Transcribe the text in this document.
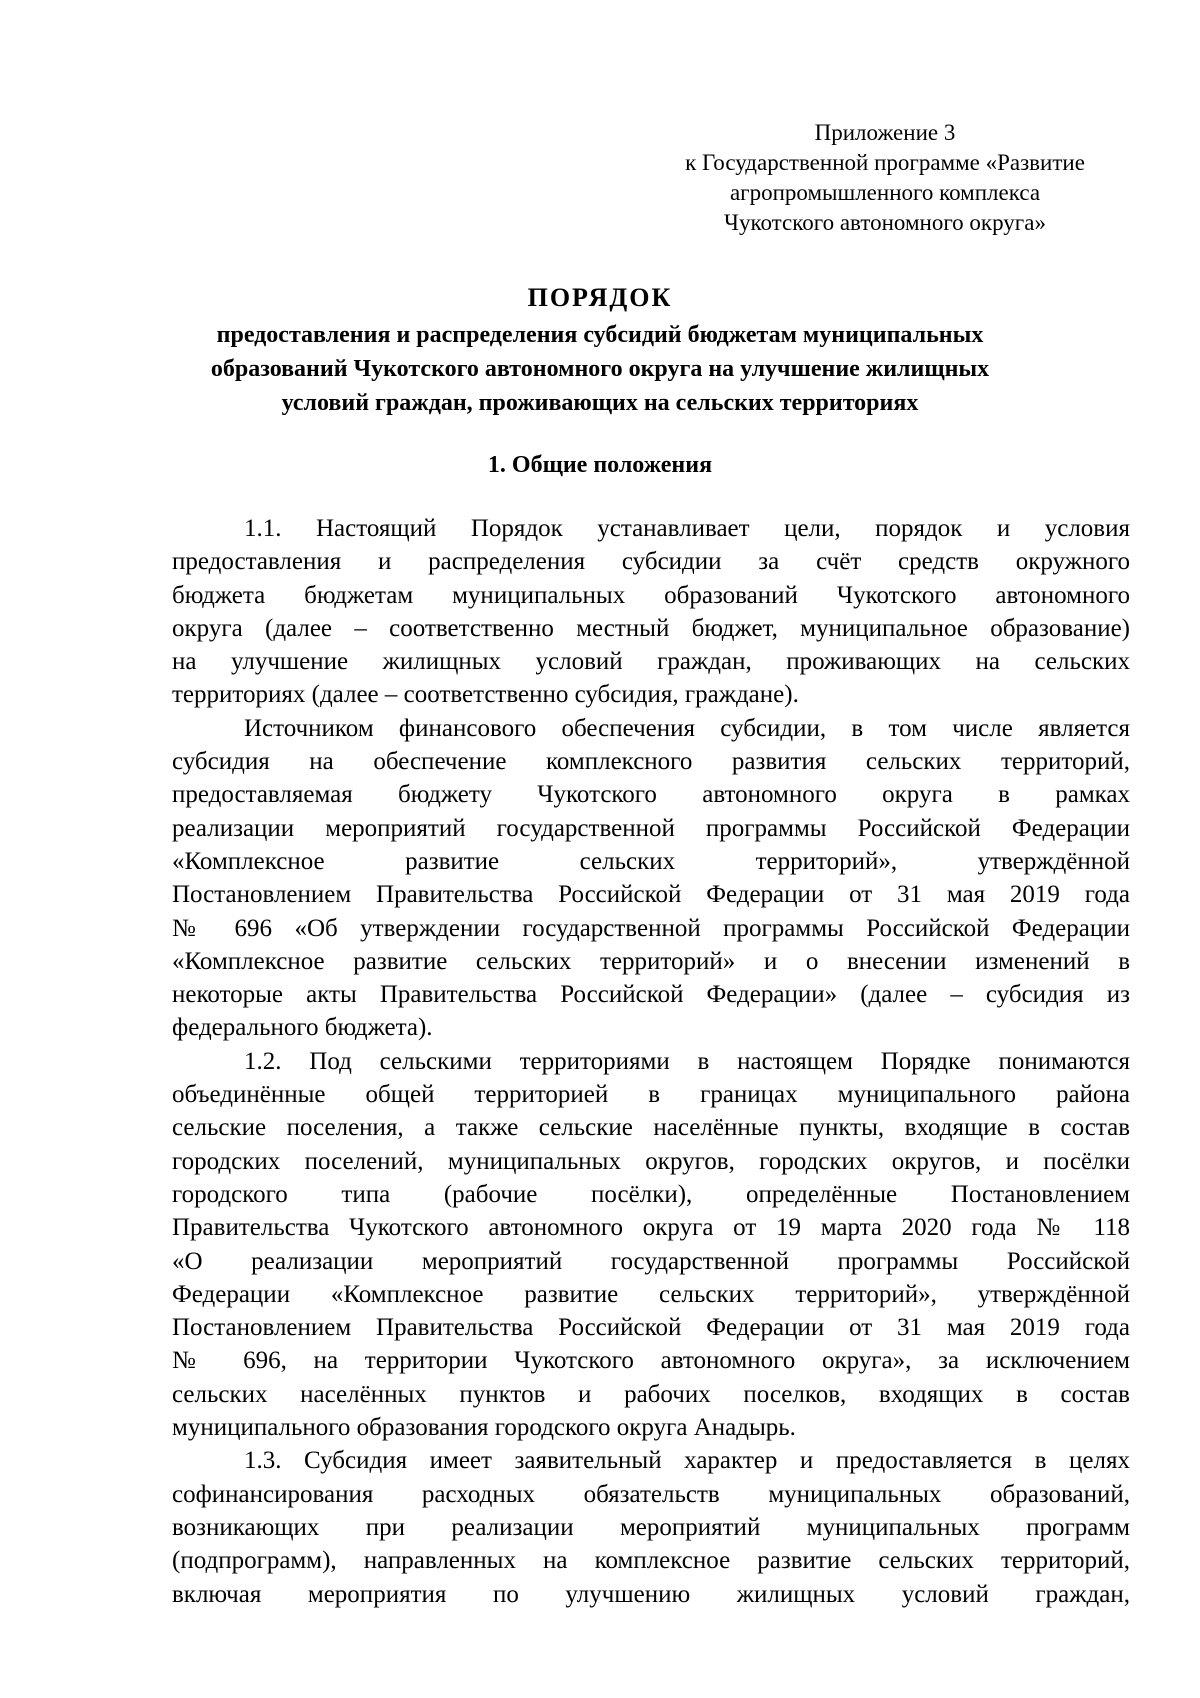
Приложение 3
к Государственной программе «Развитие
агропромышленного комплекса
Чукотского автономного округа»
ПОРЯДОК
предоставления и распределения субсидий бюджетам муниципальных
образований Чукотского автономного округа на улучшение жилищных
условий граждан, проживающих на сельских территориях
1. Общие положения
1.1. Настоящий Порядок устанавливает цели, порядок и условия
предоставления и распределения субсидии за счёт средств окружного
бюджета бюджетам муниципальных образований Чукотского автономного
округа (далее – соответственно местный бюджет, муниципальное образование)
на улучшение жилищных условий граждан, проживающих на сельских
территориях (далее – соответственно субсидия, граждане).
Источником финансового обеспечения субсидии, в том числе является
субсидия на обеспечение комплексного развития сельских территорий,
предоставляемая бюджету Чукотского автономного округа в рамках
реализации мероприятий государственной программы Российской Федерации
«Комплексное развитие сельских территорий», утверждённой
Постановлением Правительства Российской Федерации от 31 мая 2019 года
№ 696 «Об утверждении государственной программы Российской Федерации
«Комплексное развитие сельских территорий» и о внесении изменений в
некоторые акты Правительства Российской Федерации» (далее – субсидия из
федерального бюджета).
1.2. Под сельскими территориями в настоящем Порядке понимаются
объединённые общей территорией в границах муниципального района
сельские поселения, а также сельские населённые пункты, входящие в состав
городских поселений, муниципальных округов, городских округов, и посёлки
городского типа (рабочие посёлки), определённые Постановлением
Правительства Чукотского автономного округа от 19 марта 2020 года № 118
«О реализации мероприятий государственной программы Российской
Федерации «Комплексное развитие сельских территорий», утверждённой
Постановлением Правительства Российской Федерации от 31 мая 2019 года
№ 696, на территории Чукотского автономного округа», за исключением
сельских населённых пунктов и рабочих поселков, входящих в состав
муниципального образования городского округа Анадырь.
1.3. Субсидия имеет заявительный характер и предоставляется в целях
софинансирования расходных обязательств муниципальных образований,
возникающих при реализации мероприятий муниципальных программ
(подпрограмм), направленных на комплексное развитие сельских территорий,
включая мероприятия по улучшению жилищных условий граждан,
